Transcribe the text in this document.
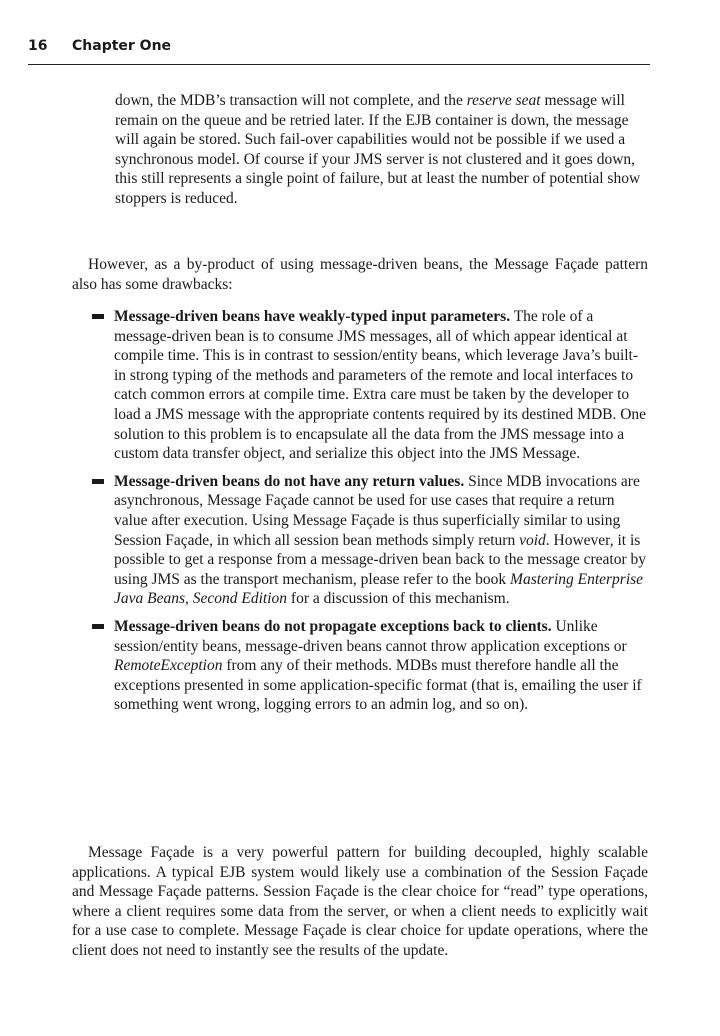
16 Chapter One

down, the MDB’s transaction will not complete, and the reserve seat message will remain on the queue and be retried later. If the EJB container is down, the message will again be stored. Such fail-over capabilities would not be possible if we used a synchronous model. Of course if your JMS server is not clustered and it goes down, this still represents a single point of failure, but at least the number of potential show stoppers is reduced.

However, as a by-product of using message-driven beans, the Message Façade pattern also has some drawbacks:

Message-driven beans have weakly-typed input parameters. The role of a message-driven bean is to consume JMS messages, all of which appear identical at compile time. This is in contrast to session/entity beans, which leverage Java’s built-in strong typing of the methods and parameters of the remote and local interfaces to catch common errors at compile time. Extra care must be taken by the developer to load a JMS message with the appropriate contents required by its destined MDB. One solution to this problem is to encapsulate all the data from the JMS message into a custom data transfer object, and serialize this object into the JMS Message.
Message-driven beans do not have any return values. Since MDB invocations are asynchronous, Message Façade cannot be used for use cases that require a return value after execution. Using Message Façade is thus superficially similar to using Session Façade, in which all session bean methods simply return void. However, it is possible to get a response from a message-driven bean back to the message creator by using JMS as the transport mechanism, please refer to the book Mastering Enterprise Java Beans, Second Edition for a discussion of this mechanism.
Message-driven beans do not propagate exceptions back to clients. Unlike session/entity beans, message-driven beans cannot throw application exceptions or RemoteException from any of their methods. MDBs must therefore handle all the exceptions presented in some application-specific format (that is, emailing the user if something went wrong, logging errors to an admin log, and so on).

Message Façade is a very powerful pattern for building decoupled, highly scalable applications. A typical EJB system would likely use a combination of the Session Façade and Message Façade patterns. Session Façade is the clear choice for “read” type operations, where a client requires some data from the server, or when a client needs to explicitly wait for a use case to complete. Message Façade is clear choice for update operations, where the client does not need to instantly see the results of the update.
